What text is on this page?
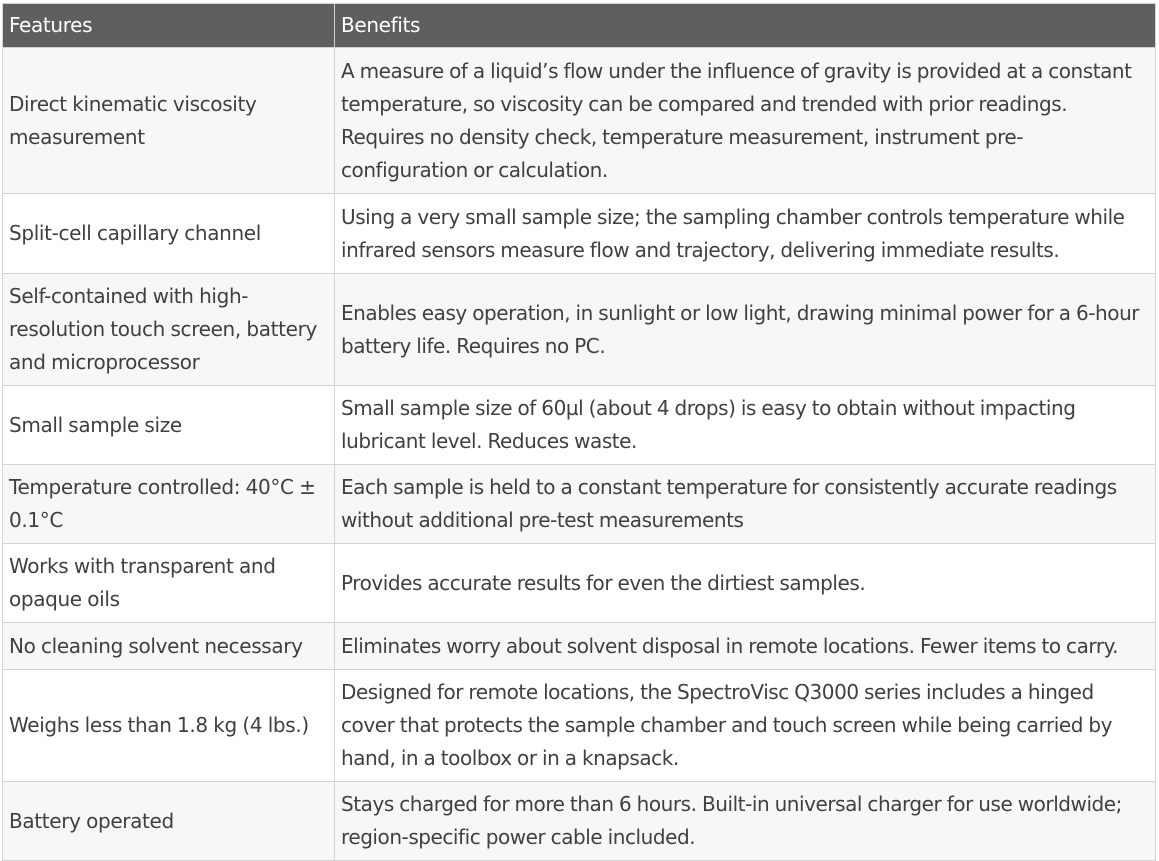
Features	Benefits
Direct kinematic viscosity measurement	A measure of a liquid’s flow under the influence of gravity is provided at a constant temperature, so viscosity can be compared and trended with prior readings. Requires no density check, temperature measurement, instrument pre-configuration or calculation.
Split-cell capillary channel	Using a very small sample size; the sampling chamber controls temperature while infrared sensors measure flow and trajectory, delivering immediate results.
Self-contained with high-resolution touch screen, battery and microprocessor	Enables easy operation, in sunlight or low light, drawing minimal power for a 6-hour battery life. Requires no PC.
Small sample size	Small sample size of 60µl (about 4 drops) is easy to obtain without impacting lubricant level. Reduces waste.
Temperature controlled: 40°C ± 0.1°C	Each sample is held to a constant temperature for consistently accurate readings without additional pre-test measurements
Works with transparent and opaque oils	Provides accurate results for even the dirtiest samples.
No cleaning solvent necessary	Eliminates worry about solvent disposal in remote locations. Fewer items to carry.
Weighs less than 1.8 kg (4 lbs.)	Designed for remote locations, the SpectroVisc Q3000 series includes a hinged cover that protects the sample chamber and touch screen while being carried by hand, in a toolbox or in a knapsack.
Battery operated	Stays charged for more than 6 hours. Built-in universal charger for use worldwide; region-specific power cable included.
